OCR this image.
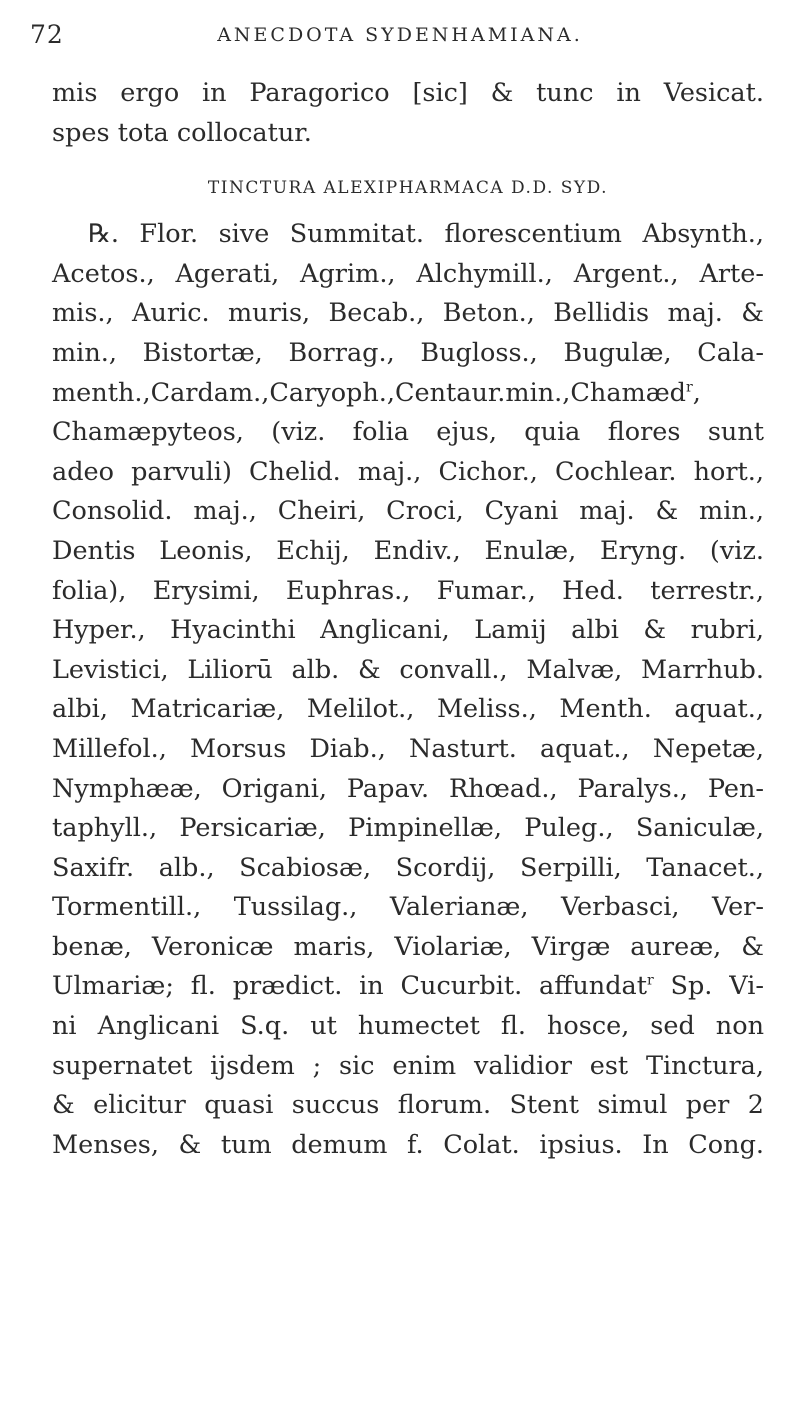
72	ANECDOTA SYDENHAMIANA.
mis ergo in Paragorico [sic] & tunc in Vesicat.
spes tota collocatur.
TINCTURA ALEXIPHARMACA D.D. SYD.
℞. Flor. sive Summitat. florescentium Absynth.,
Acetos., Agerati, Agrim., Alchymill., Argent., Arte-
mis., Auric. muris, Becab., Beton., Bellidis maj. &
min., Bistortæ, Borrag., Bugloss., Bugulæ, Cala-
menth.,Cardam.,Caryoph.,Centaur.min.,Chamæd$^r$,
Chamæpyteos, (viz. folia ejus, quia flores sunt
adeo parvuli) Chelid. maj., Cichor., Cochlear. hort.,
Consolid. maj., Cheiri, Croci, Cyani maj. & min.,
Dentis Leonis, Echij, Endiv., Enulæ, Eryng. (viz.
folia), Erysimi, Euphras., Fumar., Hed. terrestr.,
Hyper., Hyacinthi Anglicani, Lamij albi & rubri,
Levistici, Liliorū alb. & convall., Malvæ, Marrhub.
albi, Matricariæ, Melilot., Meliss., Menth. aquat.,
Millefol., Morsus Diab., Nasturt. aquat., Nepetæ,
Nymphææ, Origani, Papav. Rhœad., Paralys., Pen-
taphyll., Persicariæ, Pimpinellæ, Puleg., Saniculæ,
Saxifr. alb., Scabiosæ, Scordij, Serpilli, Tanacet.,
Tormentill., Tussilag., Valerianæ, Verbasci, Ver-
benæ, Veronicæ maris, Violariæ, Virgæ aureæ, &
Ulmariæ; fl. prædict. in Cucurbit. affundat$^r$ Sp. Vi-
ni Anglicani S.q. ut humectet fl. hosce, sed non
supernatet ijsdem ; sic enim validior est Tinctura,
& elicitur quasi succus florum. Stent simul per 2
Menses, & tum demum f. Colat. ipsius. In Cong.
